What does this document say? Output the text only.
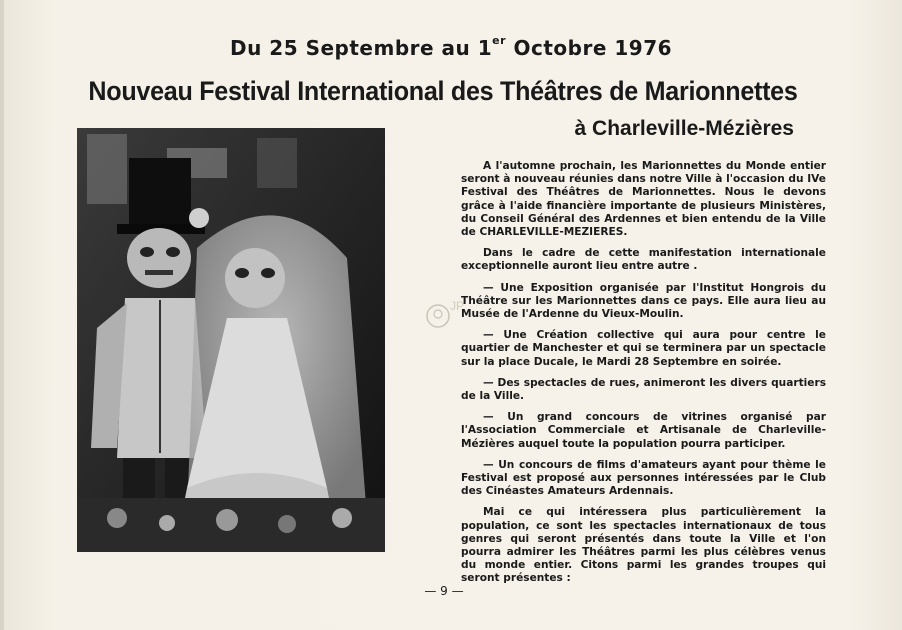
Du 25 Septembre au 1er Octobre 1976
Nouveau Festival International des Théâtres de Marionnettes
à Charleville-Mézières
JP

A l'automne prochain, les Marionnettes du Monde entier seront à nouveau réunies dans notre Ville à l'occasion du IVe Festival des Théâtres de Marionnettes. Nous le devons grâce à l'aide financière importante de plusieurs Ministères, du Conseil Général des Ardennes et bien entendu de la Ville de CHARLEVILLE-MEZIERES.

Dans le cadre de cette manifestation internationale exceptionnelle auront lieu entre autre .

— Une Exposition organisée par l'Institut Hongrois du Théâtre sur les Marionnettes dans ce pays. Elle aura lieu au Musée de l'Ardenne du Vieux-Moulin.

— Une Création collective qui aura pour centre le quartier de Manchester et qui se terminera par un spectacle sur la place Ducale, le Mardi 28 Septembre en soirée.

— Des spectacles de rues, animeront les divers quartiers de la Ville.

— Un grand concours de vitrines organisé par l'Association Commerciale et Artisanale de Charleville-Mézières auquel toute la population pourra participer.

— Un concours de films d'amateurs ayant pour thème le Festival est proposé aux personnes intéressées par le Club des Cinéastes Amateurs Ardennais.

Mai ce qui intéressera plus particulièrement la population, ce sont les spectacles internationaux de tous genres qui seront présentés dans toute la Ville et l'on pourra admirer les Théâtres parmi les plus célèbres venus du monde entier. Citons parmi les grandes troupes qui seront présentes :

— 9 —
